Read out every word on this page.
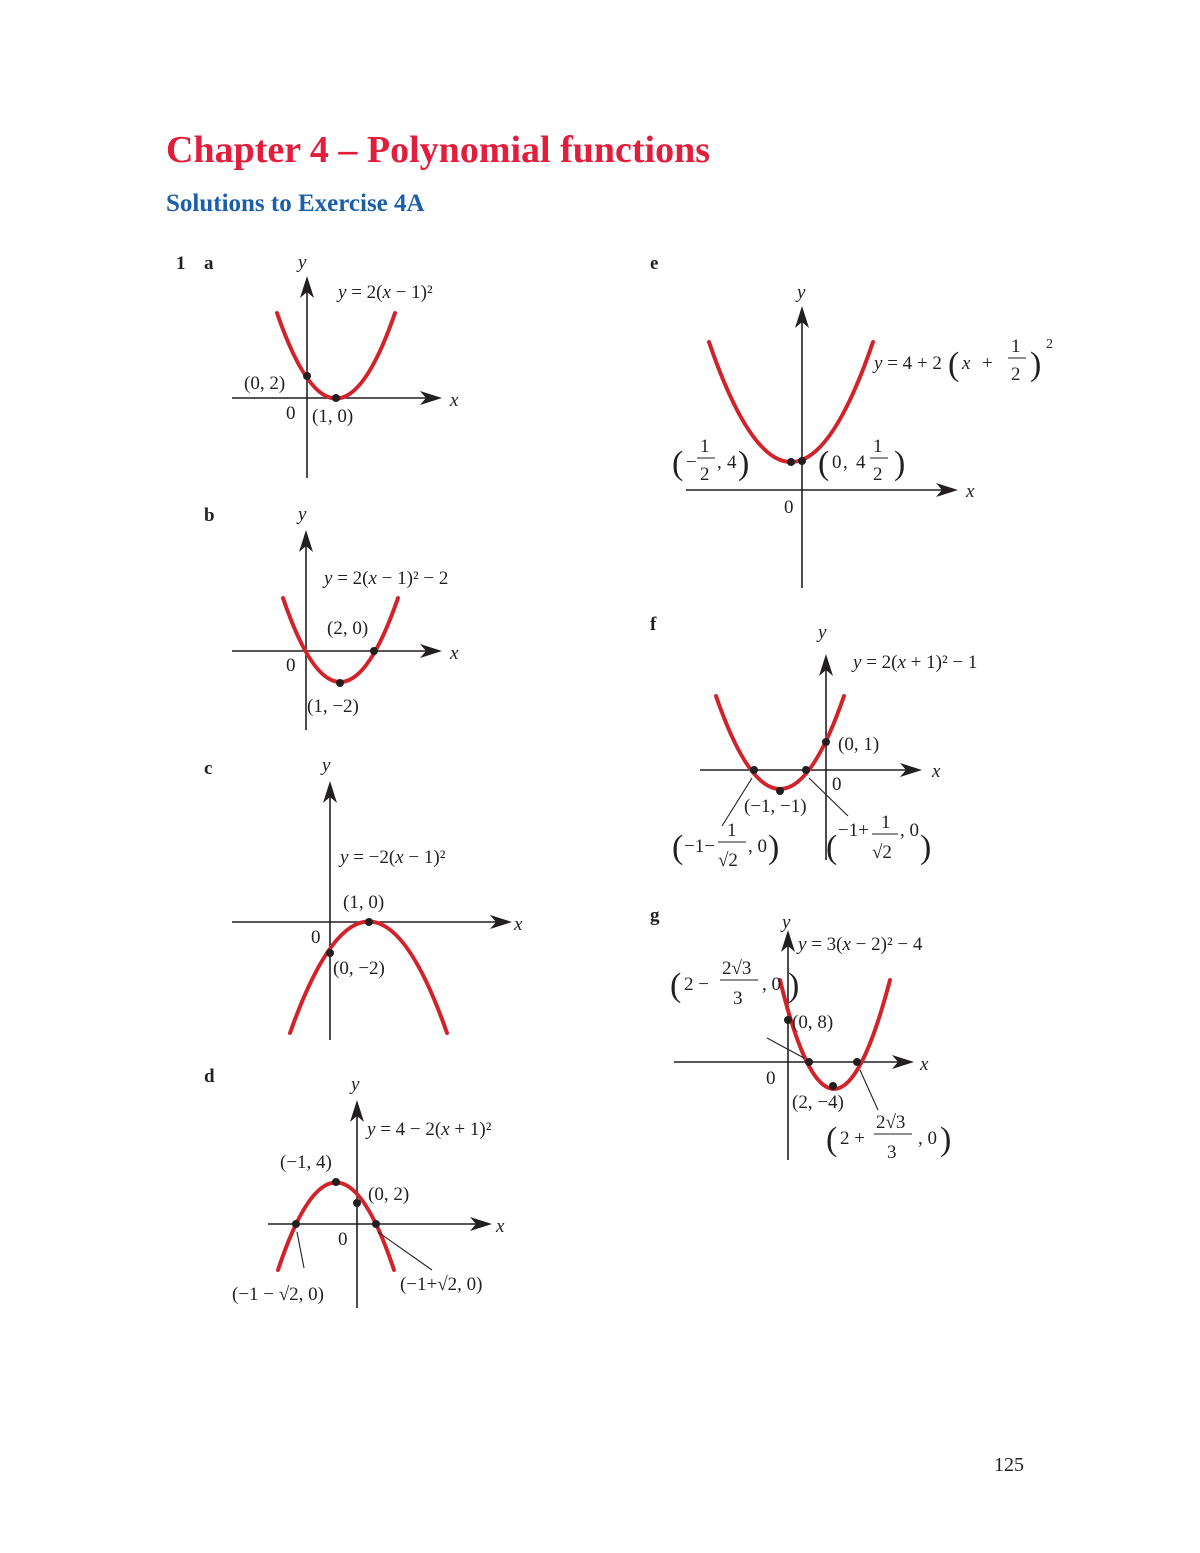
Chapter 4 – Polynomial functions
Solutions to Exercise 4A
1 a
b
c
d
e
f
g
y
x
0
y = 2(x − 1)²
(0, 2)
(1, 0)
y
x
0
y = 2(x − 1)² − 2
(2, 0)
(1, −2)
y
x
0
y = −2(x − 1)²
(1, 0)
(0, −2)
y
x
0
y = 4 − 2(x + 1)²
(−1, 4)
(0, 2)
(−1 − √2, 0)	(−1+√2, 0)
y
x
0
( )
y = 4 + 2 x +
1
2
2
( )
−
1
2
, 4 ( )
0 , 4
1
2
y
x
0
y = 2(x + 1)² − 1
(0, 1)
(−1, −1)
( )
−1−
1
√2
, 0 ( )
−1+ 1
√2
, 0
y
x
0
y = 3(x − 2)² − 4
(0, 8)
(2, −4)
(	)
2 −
2√3
3
, 0
(	)
2 +
2√3
3
, 0
125
